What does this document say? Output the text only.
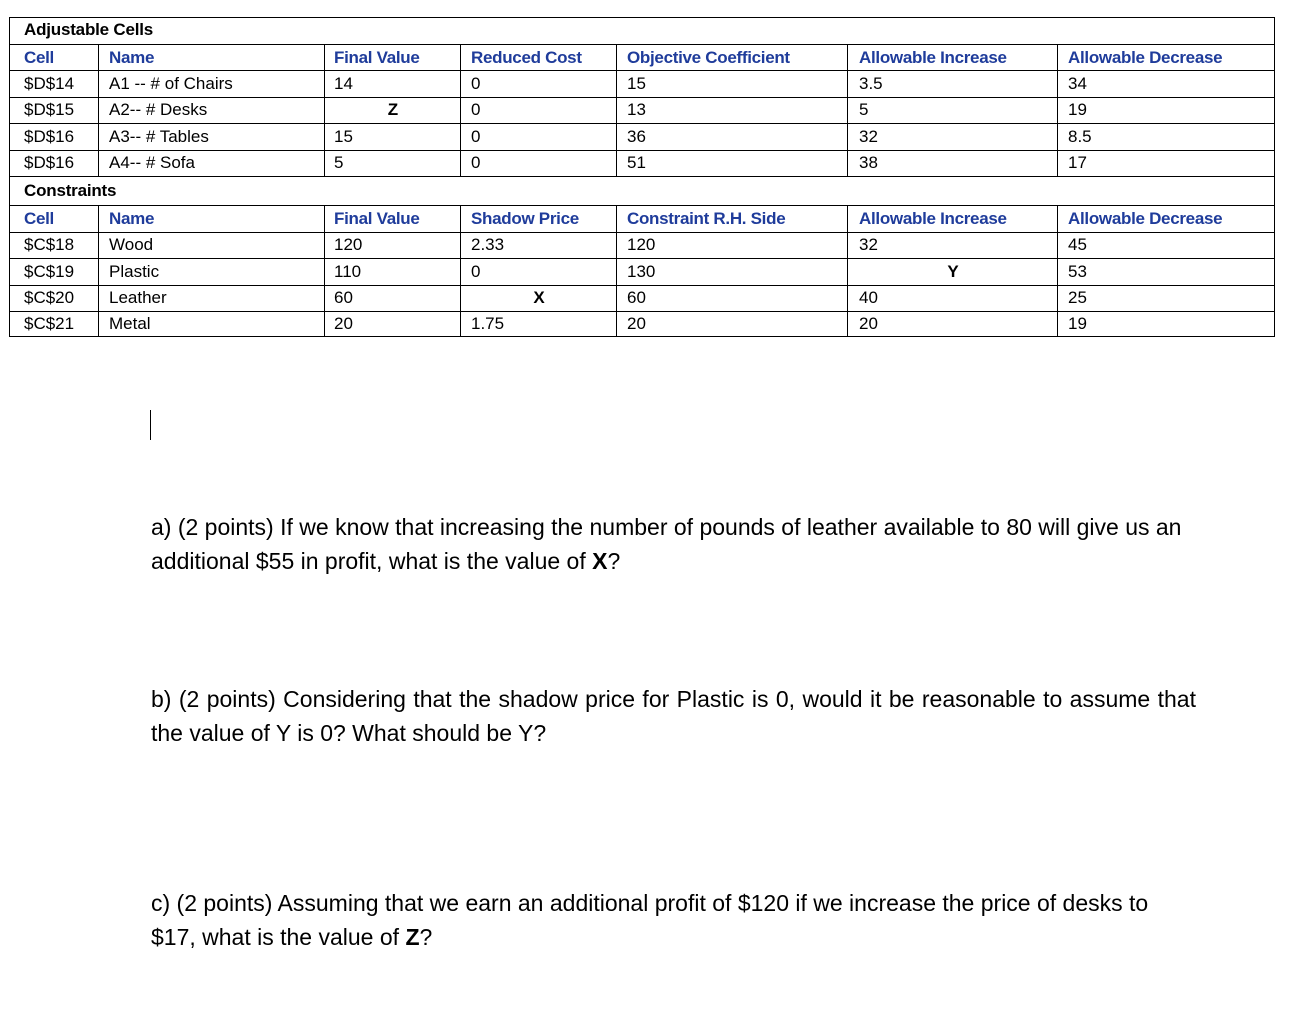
Adjustable Cells
Cell	Name	Final Value	Reduced Cost	Objective Coefficient	Allowable Increase	Allowable Decrease
$D$14 A1 -- # of Chairs	14	0	15	3.5	34
$D$15 A2-- # Desks	Z	0	13	5	19
$D$16 A3-- # Tables	15	0	36	32	8.5
$D$16 A4-- # Sofa	5	0	51	38	17
Constraints
Cell	Name	Final Value	Shadow Price	Constraint R.H. Side	Allowable Increase	Allowable Decrease
$C$18 Wood	120	2.33	120	32	45
$C$19 Plastic	110	0	130	Y	53
$C$20 Leather	60	X	60	40	25
$C$21 Metal	20	1.75	20	20	19

a) (2 points) If we know that increasing the number of pounds of leather available to 80 will give us an additional $55 in profit, what is the value of X?

b) (2 points) Considering that the shadow price for Plastic is 0, would it be reasonable to assume that the value of Y is 0? What should be Y?

c) (2 points) Assuming that we earn an additional profit of $120 if we increase the price of desks to $17, what is the value of Z?
